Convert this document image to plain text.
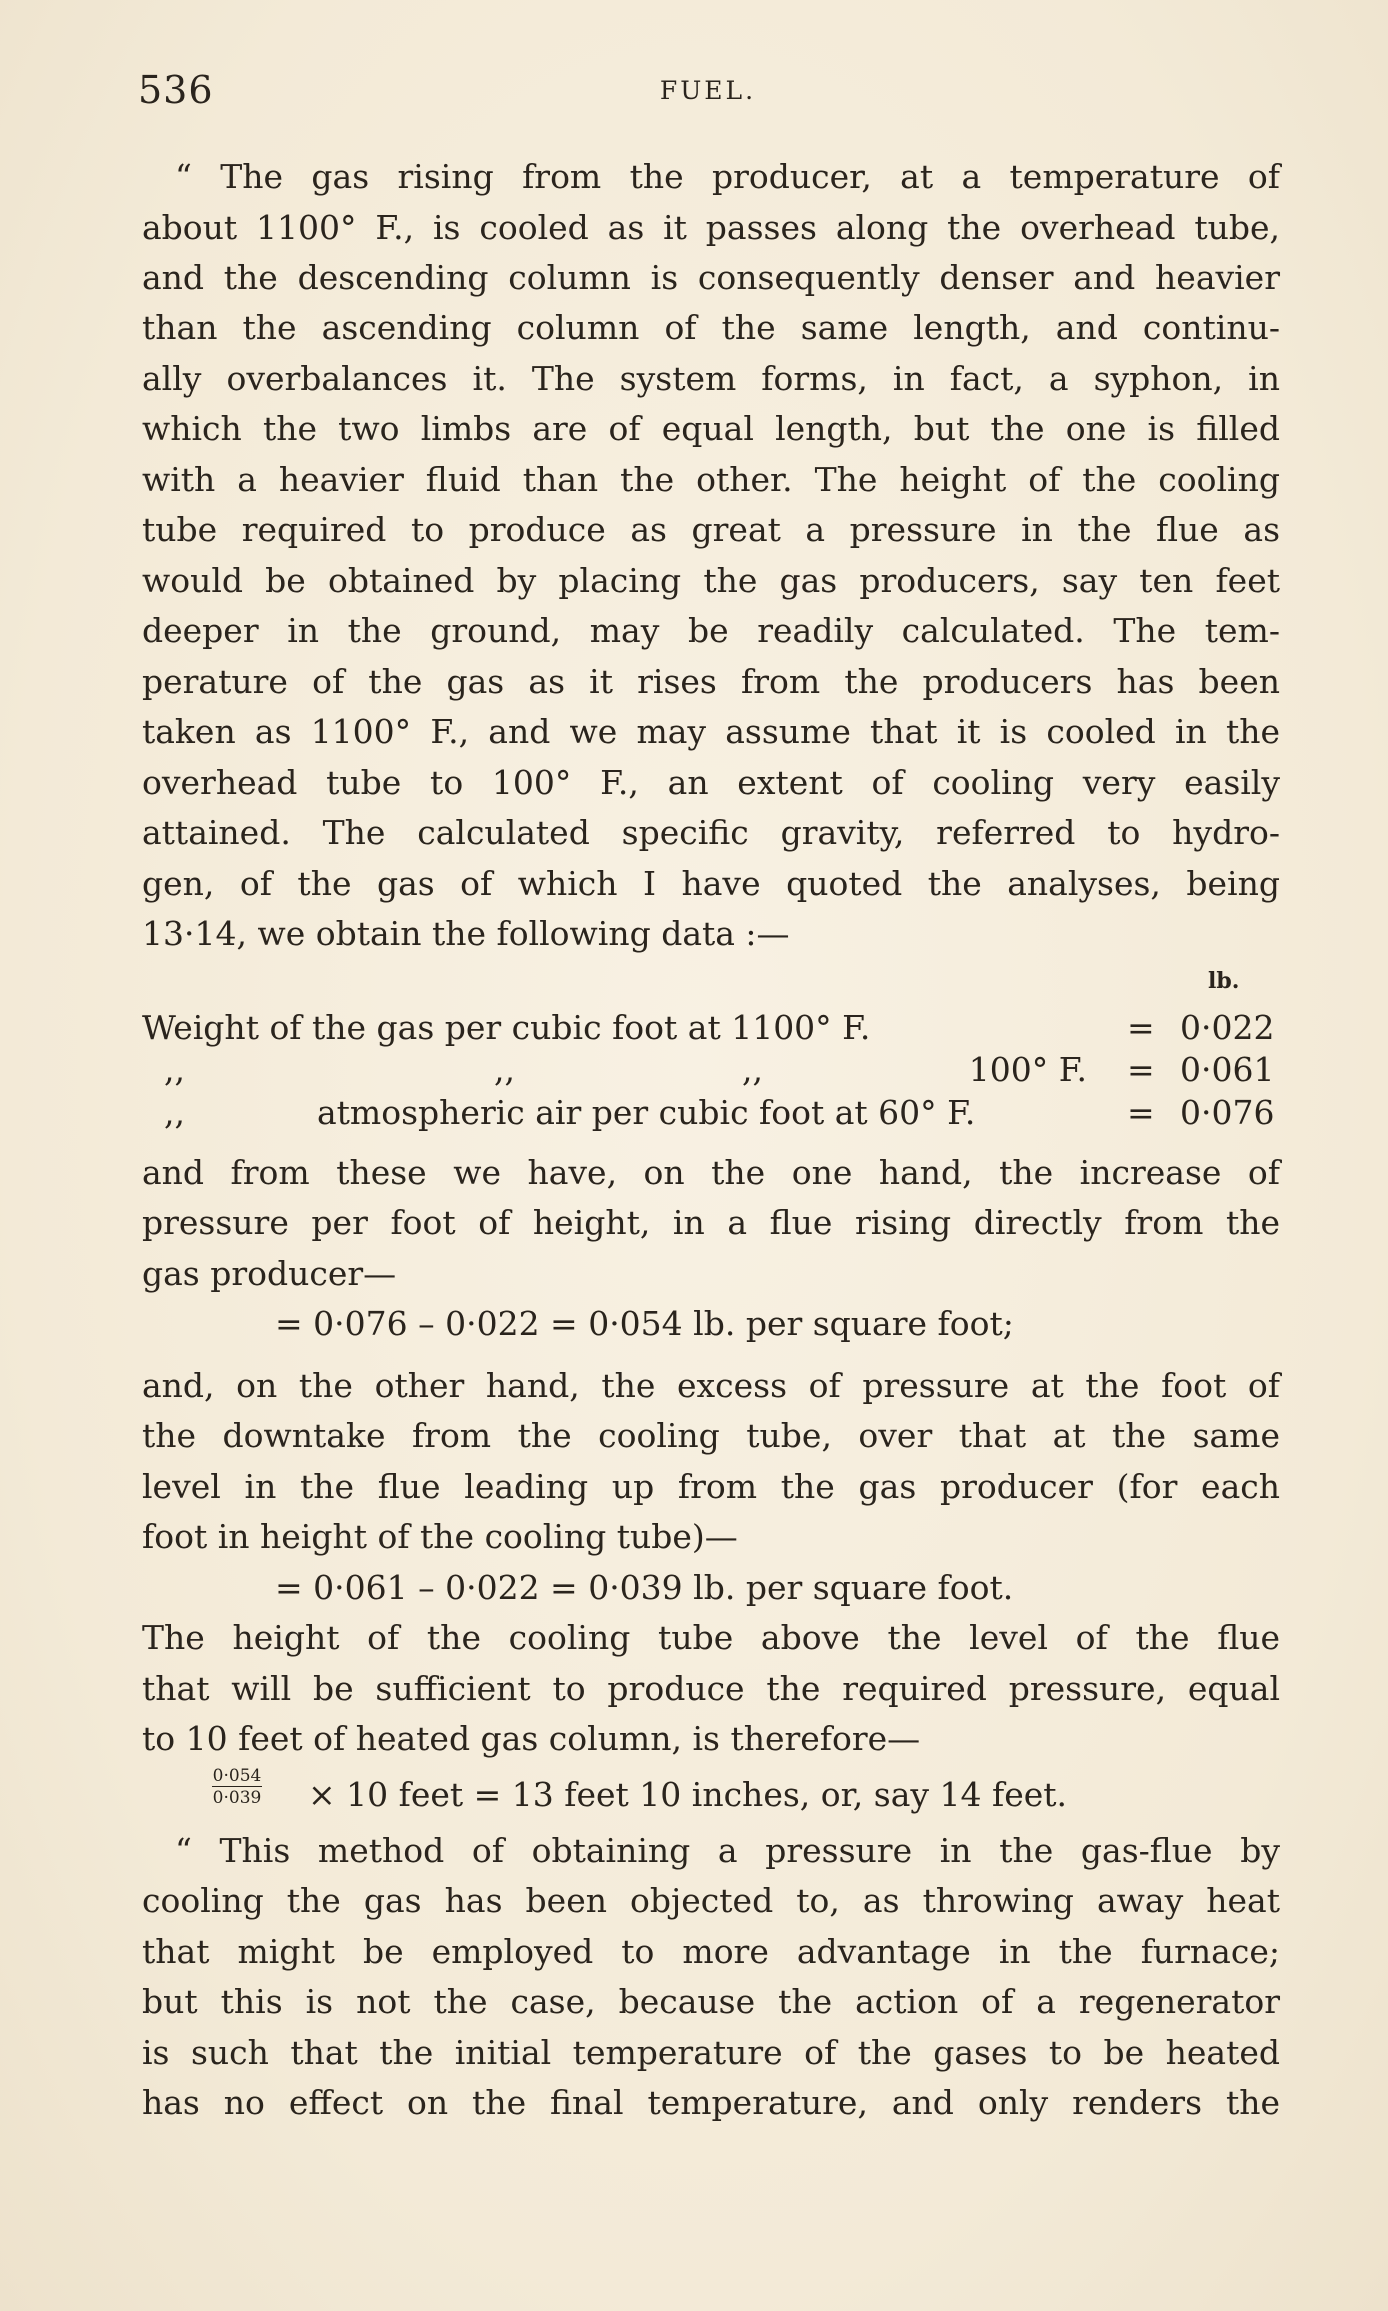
536	FUEL.
“ The gas rising from the producer, at a temperature of
about 1100° F., is cooled as it passes along the overhead tube,
and the descending column is consequently denser and heavier
than the ascending column of the same length, and continu-
ally overbalances it. The system forms, in fact, a syphon, in
which the two limbs are of equal length, but the one is filled
with a heavier fluid than the other. The height of the cooling
tube required to produce as great a pressure in the flue as
would be obtained by placing the gas producers, say ten feet
deeper in the ground, may be readily calculated. The tem-
perature of the gas as it rises from the producers has been
taken as 1100° F., and we may assume that it is cooled in the
overhead tube to 100° F., an extent of cooling very easily
attained. The calculated specific gravity, referred to hydro-
gen, of the gas of which I have quoted the analyses, being
13·14, we obtain the following data :—
lb.
Weight of the gas per cubic foot at 1100° F.	= 0·022
,,	,,	,,	100° F. = 0·061
,,	atmospheric air per cubic foot at 60° F.	= 0·076
and from these we have, on the one hand, the increase of
pressure per foot of height, in a flue rising directly from the
gas producer—
= 0·076 – 0·022 = 0·054 lb. per square foot;
and, on the other hand, the excess of pressure at the foot of
the downtake from the cooling tube, over that at the same
level in the flue leading up from the gas producer (for each
foot in height of the cooling tube)—
= 0·061 – 0·022 = 0·039 lb. per square foot.
The height of the cooling tube above the level of the flue
that will be sufficient to produce the required pressure, equal
to 10 feet of heated gas column, is therefore—
$\frac{0\cdot 054}{0\cdot 039} \times 10$ feet = 13 feet 10 inches, or, say 14 feet.
“ This method of obtaining a pressure in the gas-flue by
cooling the gas has been objected to, as throwing away heat
that might be employed to more advantage in the furnace;
but this is not the case, because the action of a regenerator
is such that the initial temperature of the gases to be heated
has no effect on the final temperature, and only renders the
